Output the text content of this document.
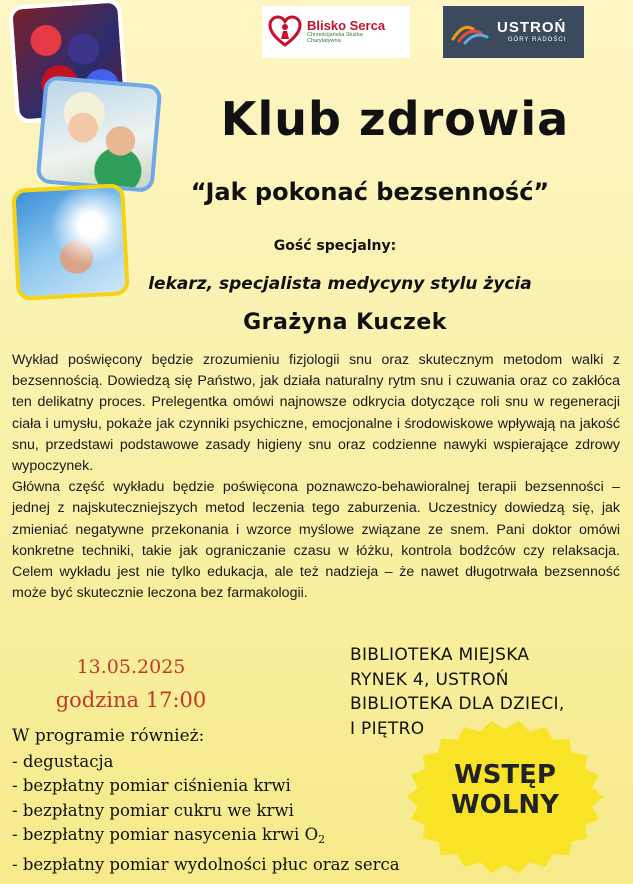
Blisko Serca
Chrześcijańska Służba
Charytatywna
USTROŃ
GÓRY RADOŚCI
Klub zdrowia
“Jak pokonać bezsenność”
Gość specjalny:
lekarz, specjalista medycyny stylu życia
Grażyna Kuczek

Wykład poświęcony będzie zrozumieniu fizjologii snu oraz skutecznym metodom walki z bezsennością. Dowiedzą się Państwo, jak działa naturalny rytm snu i czuwania oraz co zakłóca ten delikatny proces. Prelegentka omówi najnowsze odkrycia dotyczące roli snu w regeneracji ciała i umysłu, pokaże jak czynniki psychiczne, emocjonalne i środowiskowe wpływają na jakość snu, przedstawi podstawowe zasady higieny snu oraz codzienne nawyki wspierające zdrowy wypoczynek.

Główna część wykładu będzie poświęcona poznawczo-behawioralnej terapii bezsenności – jednej z najskuteczniejszych metod leczenia tego zaburzenia. Uczestnicy dowiedzą się, jak zmieniać negatywne przekonania i wzorce myślowe związane ze snem. Pani doktor omówi konkretne techniki, takie jak ograniczanie czasu w łóżku, kontrola bodźców czy relaksacja. Celem wykładu jest nie tylko edukacja, ale też nadzieja – że nawet długotrwała bezsenność może być skutecznie leczona bez farmakologii.

13.05.2025
godzina 17:00
BIBLIOTEKA MIEJSKA
RYNEK 4, USTROŃ
BIBLIOTEKA DLA DZIECI,
I PIĘTRO
W programie również:
- degustacja
- bezpłatny pomiar ciśnienia krwi
- bezpłatny pomiar cukru we krwi
- bezpłatny pomiar nasycenia krwi O2
- bezpłatny pomiar wydolności płuc oraz serca
WSTĘP
WOLNY
